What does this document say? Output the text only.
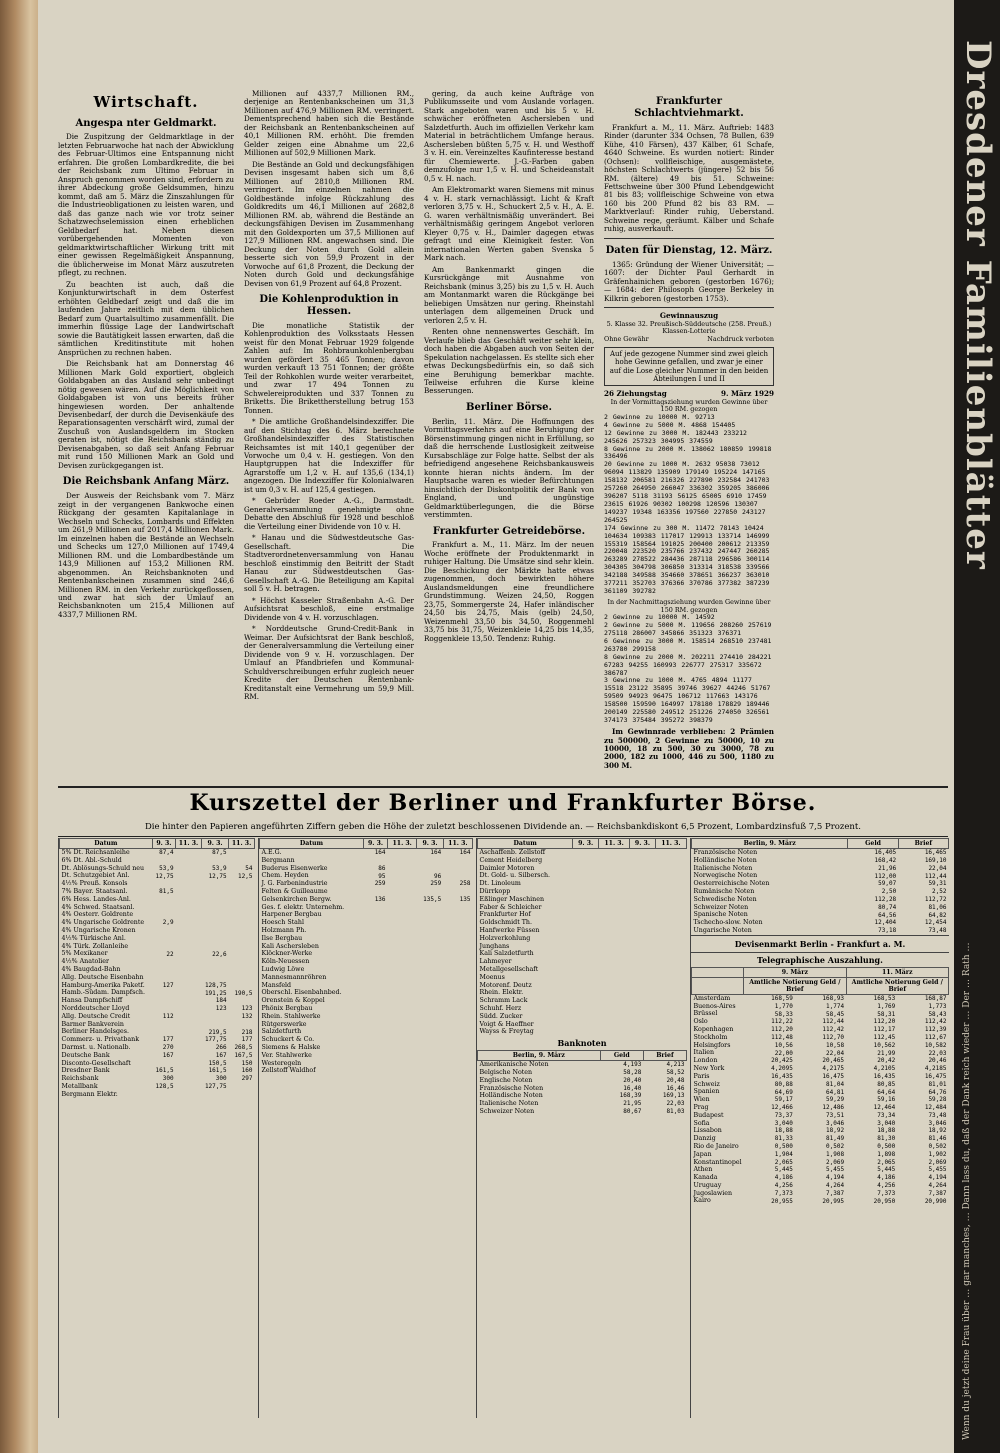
Dresdener Familienblätter
Wenn du jetzt deine Frau über … gar manches, … Dann lass du, daß der Dank reich wieder … Der … Rath …
Wirtschaft.
Angespa nter Geldmarkt.

Die Zuspitzung der Geldmarktlage in der letzten Februarwoche hat nach der Abwicklung des Februar-Ultimos eine Entspannung nicht erfahren. Die großen Lombardkredite, die bei der Reichsbank zum Ultimo Februar in Anspruch genommen worden sind, erfordern zu ihrer Abdeckung große Geldsummen, hinzu kommt, daß am 5. März die Zinszahlungen für die Industrieobligationen zu leisten waren, und daß das ganze nach wie vor trotz seiner Schatzwechselemission einen erheblichen Geldbedarf hat. Neben diesen vorübergehenden Momenten von geldmarktwirtschaftlicher Wirkung tritt mit einer gewissen Regelmäßigkeit Anspannung, die üblicherweise im Monat März auszutreten pflegt, zu rechnen.

Zu beachten ist auch, daß die Konjunkturwirtschaft in dem Osterfest erhöhten Geldbedarf zeigt und daß die im laufenden Jahre zeitlich mit dem üblichen Bedarf zum Quartalsultimo zusammenfällt. Die immerhin flüssige Lage der Landwirtschaft sowie die Bautätigkeit lassen erwarten, daß die sämtlichen Kreditinstitute mit hohen Ansprüchen zu rechnen haben.

Die Reichsbank hat am Donnerstag 46 Millionen Mark Gold exportiert, obgleich Goldabgaben an das Ausland sehr unbedingt nötig gewesen wären. Auf die Möglichkeit von Goldabgaben ist von uns bereits früher hingewiesen worden. Der anhaltende Devisenbedarf, der durch die Devisenkäufe des Reparationsagenten verschärft wird, zumal der Zuschuß von Auslandsgeldern im Stocken geraten ist, nötigt die Reichsbank ständig zu Devisenabgaben, so daß seit Anfang Februar mit rund 150 Millionen Mark an Gold und Devisen zurückgegangen ist.

Die Reichsbank Anfang März.

Der Ausweis der Reichsbank vom 7. März zeigt in der vergangenen Bankwoche einen Rückgang der gesamten Kapitalanlage in Wechseln und Schecks, Lombards und Effekten um 261,9 Millionen auf 2017,4 Millionen Mark. Im einzelnen haben die Bestände an Wechseln und Schecks um 127,0 Millionen auf 1749,4 Millionen RM. und die Lombardbestände um 143,9 Millionen auf 153,2 Millionen RM. abgenommen. An Reichsbanknoten und Rentenbankscheinen zusammen sind 246,6 Millionen RM. in den Verkehr zurückgeflossen, und zwar hat sich der Umlauf an Reichsbanknoten um 215,4 Millionen auf 4337,7 Millionen RM.

Millionen auf 4337,7 Millionen RM., derjenige an Rentenbankscheinen um 31,3 Millionen auf 476,9 Millionen RM. verringert. Dementsprechend haben sich die Bestände der Reichsbank an Rentenbankscheinen auf 40,1 Millionen RM. erhöht. Die fremden Gelder zeigen eine Abnahme um 22,6 Millionen auf 502,9 Millionen Mark.

Die Bestände an Gold und deckungsfähigen Devisen insgesamt haben sich um 8,6 Millionen auf 2810,8 Millionen RM. verringert. Im einzelnen nahmen die Goldbestände infolge Rückzahlung des Goldkredits um 46,1 Millionen auf 2682,8 Millionen RM. ab, während die Bestände an deckungsfähigen Devisen im Zusammenhang mit den Goldexporten um 37,5 Millionen auf 127,9 Millionen RM. angewachsen sind. Die Deckung der Noten durch Gold allein besserte sich von 59,9 Prozent in der Vorwoche auf 61,8 Prozent, die Deckung der Noten durch Gold und deckungsfähige Devisen von 61,9 Prozent auf 64,8 Prozent.

Die Kohlenproduktion in Hessen.

Die monatliche Statistik der Kohlenproduktion des Volksstaats Hessen weist für den Monat Februar 1929 folgende Zahlen auf: Im Rohbraunkohlenbergbau wurden gefördert 35 465 Tonnen; davon wurden verkauft 13 751 Tonnen; der größte Teil der Rohkohlen wurde weiter verarbeitet, und zwar 17 494 Tonnen zu Schwelereiprodukten und 337 Tonnen zu Briketts. Die Brikettherstellung betrug 153 Tonnen.

* Die amtliche Großhandelsindexziffer. Die auf den Stichtag des 6. März berechnete Großhandelsindexziffer des Statistischen Reichsamtes ist mit 140,1 gegenüber der Vorwoche um 0,4 v. H. gestiegen. Von den Hauptgruppen hat die Indexziffer für Agrarstoffe um 1,2 v. H. auf 135,6 (134,1) angezogen. Die Indexziffer für Kolonialwaren ist um 0,3 v. H. auf 125,4 gestiegen.

* Gebrüder Roeder A.-G., Darmstadt. Generalversammlung genehmigte ohne Debatte den Abschluß für 1928 und beschloß die Verteilung einer Dividende von 10 v. H.

* Hanau und die Südwestdeutsche Gas-Gesellschaft. Die Stadtverordnetenversammlung von Hanau beschloß einstimmig den Beitritt der Stadt Hanau zur Südwestdeutschen Gas-Gesellschaft A.-G. Die Beteiligung am Kapital soll 5 v. H. betragen.

* Höchst Kasseler Straßenbahn A.-G. Der Aufsichtsrat beschloß, eine erstmalige Dividende von 4 v. H. vorzuschlagen.

* Norddeutsche Grund-Credit-Bank in Weimar. Der Aufsichtsrat der Bank beschloß, der Generalversammlung die Verteilung einer Dividende von 9 v. H. vorzuschlagen. Der Umlauf an Pfandbriefen und Kommunal-Schuldverschreibungen erfuhr zugleich neuer Kredite der Deutschen Rentenbank-Kreditanstalt eine Vermehrung um 59,9 Mill. RM.

gering, da auch keine Aufträge von Publikumsseite und vom Auslande vorlagen. Stark angeboten waren und bis 5 v. H. schwächer eröffneten Aschersleben und Salzdetfurth. Auch im offiziellen Verkehr kam Material in beträchtlichem Umfange heraus. Aschersleben büßten 5,75 v. H. und Westhoff 3 v. H. ein. Vereinzeltes Kaufinteresse bestand für Chemiewerte. J.-G.-Farben gaben demzufolge nur 1,5 v. H. und Scheideanstalt 0,5 v. H. nach.

Am Elektromarkt waren Siemens mit minus 4 v. H. stark vernachlässigt. Licht & Kraft verloren 3,75 v. H., Schuckert 2,5 v. H., A. E. G. waren verhältnismäßig unverändert. Bei verhältnismäßig geringem Angebot verloren Kleyer 0,75 v. H., Daimler dagegen etwas gefragt und eine Kleinigkeit fester. Von internationalen Werten gaben Svenska 5 Mark nach.

Am Bankenmarkt gingen die Kursrückgänge mit Ausnahme von Reichsbank (minus 3,25) bis zu 1,5 v. H. Auch am Montanmarkt waren die Rückgänge bei beliebigen Umsätzen nur gering. Rheinstahl unterlagen dem allgemeinen Druck und verloren 2,5 v. H.

Renten ohne nennenswertes Geschäft. Im Verlaufe blieb das Geschäft weiter sehr klein, doch haben die Abgaben auch von Seiten der Spekulation nachgelassen. Es stellte sich eher etwas Deckungsbedürfnis ein, so daß sich eine Beruhigung bemerkbar machte. Teilweise erfuhren die Kurse kleine Besserungen.

Berliner Börse.

Berlin, 11. März. Die Hoffnungen des Vormittagsverkehrs auf eine Beruhigung der Börsenstimmung gingen nicht in Erfüllung, so daß die herrschende Lustlosigkeit zeitweise Kursabschläge zur Folge hatte. Selbst der als befriedigend angesehene Reichsbankausweis konnte hieran nichts ändern. Im der Hauptsache waren es wieder Befürchtungen hinsichtlich der Diskontpolitik der Bank von England, und ungünstige Geldmarktüberlegungen, die die Börse verstimmten.

Frankfurter Getreidebörse.

Frankfurt a. M., 11. März. Im der neuen Woche eröffnete der Produktenmarkt in ruhiger Haltung. Die Umsätze sind sehr klein. Die Beschickung der Märkte hatte etwas zugenommen, doch bewirkten höhere Auslandsmeldungen eine freundlichere Grundstimmung. Weizen 24,50, Roggen 23,75, Sommergerste 24, Hafer inländischer 24,50 bis 24,75, Mais (gelb) 24,50, Weizenmehl 33,50 bis 34,50, Roggenmehl 33,75 bis 31,75, Weizenkleie 14,25 bis 14,35, Roggenkleie 13,50. Tendenz: Ruhig.

Frankfurter Schlachtviehmarkt.

Frankfurt a. M., 11. März. Auftrieb: 1483 Rinder (darunter 334 Ochsen, 78 Bullen, 639 Kühe, 410 Färsen), 437 Kälber, 61 Schafe, 4640 Schweine. Es wurden notiert: Rinder (Ochsen): vollfleischige, ausgemästete, höchsten Schlachtwerts (jüngere) 52 bis 56 RM. (ältere) 49 bis 51. Schweine: Fettschweine über 300 Pfund Lebendgewicht 81 bis 83; vollfleischige Schweine von etwa 160 bis 200 Pfund 82 bis 83 RM. — Marktverlauf: Rinder ruhig, Ueberstand. Schweine rege, geräumt. Kälber und Schafe ruhig, ausverkauft.

Daten für Dienstag, 12. März.

1365: Gründung der Wiener Universität; — 1607: der Dichter Paul Gerhardt in Gräfenhainichen geboren (gestorben 1676); — 1684: der Philosoph George Berkeley in Kilkrin geboren (gestorben 1753).

Gewinnauszug
5. Klasse 32. Preußisch-Süddeutsche (258. Preuß.) Klassen-Lotterie
Ohne Gewähr	Nachdruck verboten
Auf jede gezogene Nummer sind zwei gleich hohe Gewinne gefallen, und zwar je einer auf die Lose gleicher Nummer in den beiden Abteilungen I und II
26 Ziehungstag	9. März 1929
In der Vormittagsziehung wurden Gewinne über 150 RM. gezogen
2 Gewinne zu 10000 M. 92713
4 Gewinne zu 5000 M. 4868 154405
12 Gewinne zu 3000 M. 182443 233212 245626 257323 304995 374559
8 Gewinne zu 2000 M. 138062 180859 199818 336496
20 Gewinne zu 1000 M. 2632 95038 73012 96094 113829 135909 179149 195224 147165 158132 206581 216326 227890 232584 241703 257260 264950 266047 336302 359205 386006 396207 5118 31193 56125 65005 6910 17459 23615 61926 90302 100298 120596 130307 149237 19348 163356 197560 227850 243127 264525
174 Gewinne zu 300 M. 11472 78143 10424 104634 109383 117017 129913 133714 146999 155319 158564 191025 200400 200612 213359 220048 223520 235766 237432 247447 260285 263289 278522 284436 287118 296586 300114 304305 304798 306850 313314 318538 339566 342188 349588 354660 378651 366237 363010 377211 352703 376366 370786 377382 387239 361109 392782
In der Nachmittagsziehung wurden Gewinne über 150 RM. gezogen
2 Gewinne zu 10000 M. 14592
2 Gewinne zu 5000 M. 119656 208260 257619 275118 286007 345866 351323 376371
6 Gewinne zu 3000 M. 158514 268510 237481 263780 299158
8 Gewinne zu 2000 M. 202211 274410 284221 67283 94255 160993 226777 275317 335672 386787
3 Gewinne zu 1000 M. 4765 4894 11177 15518 23122 35895 39746 39627 44246 51767 59509 94923 96475 106712 117663 143176 158500 159590 164997 178180 178829 189446 200149 225580 249512 251226 274050 326561 374173 375484 395272 398379

Im Gewinnrade verblieben: 2 Prämien zu 500000, 2 Gewinne zu 50000, 10 zu 10000, 18 zu 500, 30 zu 3000, 78 zu 2000, 182 zu 1000, 446 zu 500, 1180 zu 300 M.

Kurszettel der Berliner und Frankfurter Börse.
Die hinter den Papieren angeführten Ziffern geben die Höhe der zuletzt beschlossenen Dividende an. — Reichsbankdiskont 6,5 Prozent, Lombardzinsfuß 7,5 Prozent.
Datum	9. 3.	11. 3.	9. 3.	11. 3.
5% Dt. Reichsanleihe	87,4		87,5	
6% Dt. Abl.-Schuld				
Dt. Ablösungs-Schuld neu	53,9		53,9	54
Dt. Schutzgebiet Anl.	12,75		12,75	12,5
4½% Preuß. Konsols				
7% Bayer. Staatsanl.	81,5			
6% Hess. Landes-Anl.				
4% Schwed. Staatsanl.				
4% Oesterr. Goldrente				
4% Ungarische Goldrente	2,9			
4% Ungarische Kronen				
4½% Türkische Anl.				
4% Türk. Zollanleihe				
5% Mexikaner	22		22,6	
4½% Anatolier				
4% Baugdad-Bahn				
Allg. Deutsche Eisenbahn				
Hamburg-Amerika Paketf.	127		128,75	
Hamb.-Südam. Dampfsch.			191,25	190,5
Hansa Dampfschiff			184	
Norddeutscher Lloyd			123	123
Allg. Deutsche Credit	112			132
Barmer Bankverein				
Berliner Handelsges.			219,5	218
Commerz- u. Privatbank	177		177,75	177
Darmst. u. Nationalb.	270		266	268,5
Deutsche Bank	167		167	167,5
Disconto-Gesellschaft			150,5	150
Dresdner Bank	161,5		161,5	160
Reichsbank	300		300	297
Metallbank	128,5		127,75	
Bergmann Elektr.				
Datum	9. 3.	11. 3.	9. 3.	11. 3.
A.E.G.	164		164	164
Bergmann				
Buderus Eisenwerke	86			
Chem. Heyden	95		96	
J. G. Farbenindustrie	259		259	258
Felten & Guilleaume				
Gelsenkirchen Bergw.	136		135,5	135
Ges. f. elektr. Unternehm.				
Harpener Bergbau				
Hoesch Stahl				
Holzmann Ph.				
Ilse Bergbau				
Kali Aschersleben				
Klöckner-Werke				
Köln-Neuessen				
Ludwig Löwe				
Mannesmannröhren				
Mansfeld				
Oberschl. Eisenbahnbed.				
Orenstein & Koppel				
Phönix Bergbau				
Rhein. Stahlwerke				
Rütgerswerke				
Salzdetfurth				
Schuckert & Co.				
Siemens & Halske				
Ver. Stahlwerke				
Westeregeln				
Zellstoff Waldhof				
Datum	9. 3.	11. 3.	9. 3.	11. 3.
Aschaffenb. Zellstoff				
Cement Heidelberg				
Daimler Motoren				
Dt. Gold- u. Silbersch.				
Dt. Linoleum				
Dürrkopp				
Eßlinger Maschinen				
Faber & Schleicher				
Frankfurter Hof				
Goldschmidt Th.				
Hanfwerke Füssen				
Holzverkohlung				
Junghans				
Kali Salzdetfurth				
Lahmeyer				
Metallgesellschaft				
Moenus				
Motorenf. Deutz				
Rhein. Elektr.				
Schramm Lack				
Schuhf. Herz				
Südd. Zucker				
Voigt & Haeffner				
Wayss & Freytag				
Banknoten
Berlin, 9. März	Geld	Brief
Amerikanische Noten	4,193	4,213
Belgische Noten	58,28	58,52
Englische Noten	20,40	20,48
Französische Noten	16,40	16,46
Holländische Noten	168,39	169,13
Italienische Noten	21,95	22,03
Schweizer Noten	80,67	81,03
Berlin, 9. März	Geld	Brief
Französische Noten	16,405	16,465
Holländische Noten	168,42	169,10
Italienische Noten	21,96	22,04
Norwegische Noten	112,00	112,44
Oesterreichische Noten	59,07	59,31
Rumänische Noten	2,50	2,52
Schwedische Noten	112,28	112,72
Schweizer Noten	80,74	81,06
Spanische Noten	64,56	64,82
Tschecho-slow. Noten	12,404	12,454
Ungarische Noten	73,18	73,48
Devisenmarkt Berlin - Frankfurt a. M.
Telegraphische Auszahlung.
	9. März		11. März	
	Amtliche Notierung Geld / Brief		Amtliche Notierung Geld / Brief	
Amsterdam	168,59	168,93	168,53	168,87
Buenos-Aires	1,770	1,774	1,769	1,773
Brüssel	58,33	58,45	58,31	58,43
Oslo	112,22	112,44	112,20	112,42
Kopenhagen	112,20	112,42	112,17	112,39
Stockholm	112,48	112,70	112,45	112,67
Helsingfors	10,56	10,58	10,562	10,582
Italien	22,00	22,04	21,99	22,03
London	20,425	20,465	20,42	20,46
New York	4,2095	4,2175	4,2105	4,2185
Paris	16,435	16,475	16,435	16,475
Schweiz	80,88	81,04	80,85	81,01
Spanien	64,69	64,81	64,64	64,76
Wien	59,17	59,29	59,16	59,28
Prag	12,466	12,486	12,464	12,484
Budapest	73,37	73,51	73,34	73,48
Sofia	3,040	3,046	3,040	3,046
Lissabon	18,88	18,92	18,88	18,92
Danzig	81,33	81,49	81,30	81,46
Rio de Janeiro	0,500	0,502	0,500	0,502
Japan	1,904	1,908	1,898	1,902
Konstantinopel	2,065	2,069	2,065	2,069
Athen	5,445	5,455	5,445	5,455
Kanada	4,186	4,194	4,186	4,194
Uruguay	4,256	4,264	4,256	4,264
Jugoslawien	7,373	7,387	7,373	7,387
Kairo	20,955	20,995	20,950	20,990
